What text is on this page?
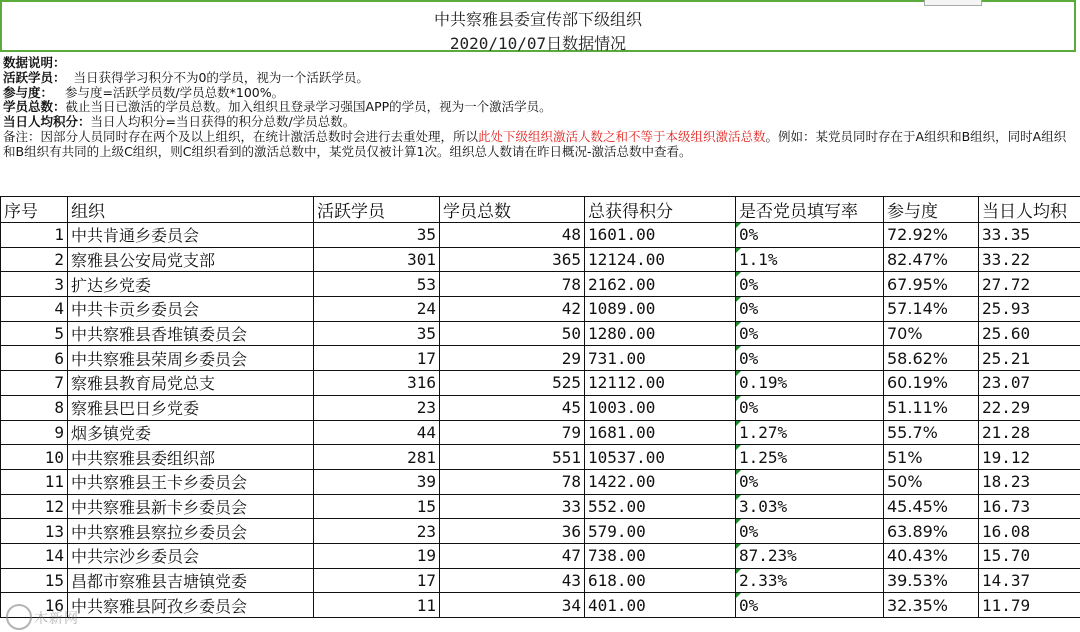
中共察雅县委宣传部下级组织
2020/10/07日数据情况
数据说明：
活跃学员： 当日获得学习积分不为0的学员，视为一个活跃学员。
参与度： 参与度=活跃学员数/学员总数*100%。
学员总数：截止当日已激活的学员总数。加入组织且登录学习强国APP的学员，视为一个激活学员。
当日人均积分：当日人均积分=当日获得的积分总数/学员总数。
备注：因部分人员同时存在两个及以上组织，在统计激活总数时会进行去重处理，所以此处下级组织激活人数之和不等于本级组织激活总数。例如：某党员同时存在于A组织和B组织，同时A组织和B组织有共同的上级C组织，则C组织看到的激活总数中，某党员仅被计算1次。组织总人数请在昨日概况-激活总数中查看。
序号	组织	活跃学员	学员总数	总获得积分	是否党员填写率	参与度	当日人均积
1	中共肯通乡委员会	35	48	1601.00	0%	72.92%	33.35
2	察雅县公安局党支部	301	365	12124.00	1.1%	82.47%	33.22
3	扩达乡党委	53	78	2162.00	0%	67.95%	27.72
4	中共卡贡乡委员会	24	42	1089.00	0%	57.14%	25.93
5	中共察雅县香堆镇委员会	35	50	1280.00	0%	70%	25.60
6	中共察雅县荣周乡委员会	17	29	731.00	0%	58.62%	25.21
7	察雅县教育局党总支	316	525	12112.00	0.19%	60.19%	23.07
8	察雅县巴日乡党委	23	45	1003.00	0%	51.11%	22.29
9	烟多镇党委	44	79	1681.00	1.27%	55.7%	21.28
10	中共察雅县委组织部	281	551	10537.00	1.25%	51%	19.12
11	中共察雅县王卡乡委员会	39	78	1422.00	0%	50%	18.23
12	中共察雅县新卡乡委员会	15	33	552.00	3.03%	45.45%	16.73
13	中共察雅县察拉乡委员会	23	36	579.00	0%	63.89%	16.08
14	中共宗沙乡委员会	19	47	738.00	87.23%	40.43%	15.70
15	昌都市察雅县吉塘镇党委	17	43	618.00	2.33%	39.53%	14.37
16	中共察雅县阿孜乡委员会	11	34	401.00	0%	32.35%	11.79
木新网
